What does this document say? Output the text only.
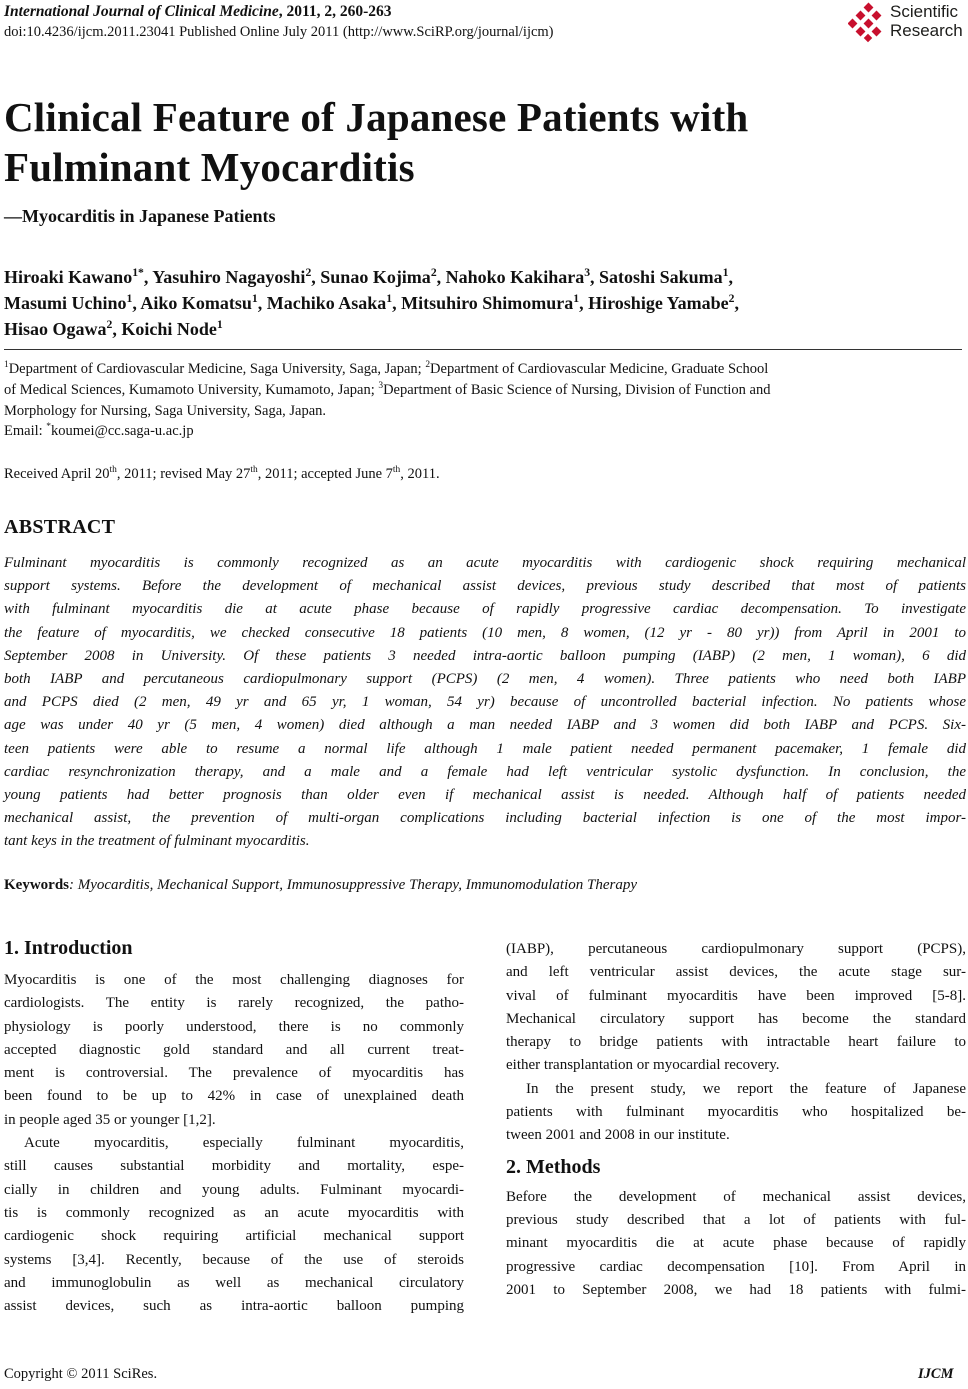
International Journal of Clinical Medicine, 2011, 2, 260-263
doi:10.4236/ijcm.2011.23041 Published Online July 2011 (http://www.SciRP.org/journal/ijcm)
Scientific
Research
Clinical Feature of Japanese Patients with
Fulminant Myocarditis
—Myocarditis in Japanese Patients
Hiroaki Kawano$^{1*}$, Yasuhiro Nagayoshi$^2$, Sunao Kojima$^2$, Nahoko Kakihara$^3$, Satoshi Sakuma$^1$,
Masumi Uchino$^1$, Aiko Komatsu$^1$, Machiko Asaka$^1$, Mitsuhiro Shimomura$^1$, Hiroshige Yamabe$^2$,
Hisao Ogawa$^2$, Koichi Node$^1$
$^1$Department of Cardiovascular Medicine, Saga University, Saga, Japan; $^2$Department of Cardiovascular Medicine, Graduate School
of Medical Sciences, Kumamoto University, Kumamoto, Japan; $^3$Department of Basic Science of Nursing, Division of Function and
Morphology for Nursing, Saga University, Saga, Japan.
Email: *koumei@cc.saga-u.ac.jp
Received April 20th, 2011; revised May 27th, 2011; accepted June 7th, 2011.
ABSTRACT
Fulminant myocarditis is commonly recognized as an acute myocarditis with cardiogenic shock requiring mechanical
support systems. Before the development of mechanical assist devices, previous study described that most of patients
with fulminant myocarditis die at acute phase because of rapidly progressive cardiac decompensation. To investigate
the feature of myocarditis, we checked consecutive 18 patients (10 men, 8 women, (12 yr - 80 yr)) from April in 2001 to
September 2008 in University. Of these patients 3 needed intra-aortic balloon pumping (IABP) (2 men, 1 woman), 6 did
both IABP and percutaneous cardiopulmonary support (PCPS) (2 men, 4 women). Three patients who need both IABP
and PCPS died (2 men, 49 yr and 65 yr, 1 woman, 54 yr) because of uncontrolled bacterial infection. No patients whose
age was under 40 yr (5 men, 4 women) died although a man needed IABP and 3 women did both IABP and PCPS. Six-
teen patients were able to resume a normal life although 1 male patient needed permanent pacemaker, 1 female did
cardiac resynchronization therapy, and a male and a female had left ventricular systolic dysfunction. In conclusion, the
young patients had better prognosis than older even if mechanical assist is needed. Although half of patients needed
mechanical assist, the prevention of multi-organ complications including bacterial infection is one of the most impor-
tant keys in the treatment of fulminant myocarditis.
Keywords: Myocarditis, Mechanical Support, Immunosuppressive Therapy, Immunomodulation Therapy
1. Introduction
Myocarditis is one of the most challenging diagnoses for
cardiologists. The entity is rarely recognized, the patho-
physiology is poorly understood, there is no commonly
accepted diagnostic gold standard and all current treat-
ment is controversial. The prevalence of myocarditis has
been found to be up to 42% in case of unexplained death
in people aged 35 or younger [1,2].
Acute myocarditis, especially fulminant myocarditis,
still causes substantial morbidity and mortality, espe-
cially in children and young adults. Fulminant myocardi-
tis is commonly recognized as an acute myocarditis with
cardiogenic shock requiring artificial mechanical support
systems [3,4]. Recently, because of the use of steroids
and immunoglobulin as well as mechanical circulatory
assist devices, such as intra-aortic balloon pumping
(IABP), percutaneous cardiopulmonary support (PCPS),
and left ventricular assist devices, the acute stage sur-
vival of fulminant myocarditis have been improved [5-8].
Mechanical circulatory support has become the standard
therapy to bridge patients with intractable heart failure to
either transplantation or myocardial recovery.
In the present study, we report the feature of Japanese
patients with fulminant myocarditis who hospitalized be-
tween 2001 and 2008 in our institute.
2. Methods
Before the development of mechanical assist devices,
previous study described that a lot of patients with ful-
minant myocarditis die at acute phase because of rapidly
progressive cardiac decompensation [10]. From April in
2001 to September 2008, we had 18 patients with fulmi-
Copyright © 2011 SciRes.	IJCM
